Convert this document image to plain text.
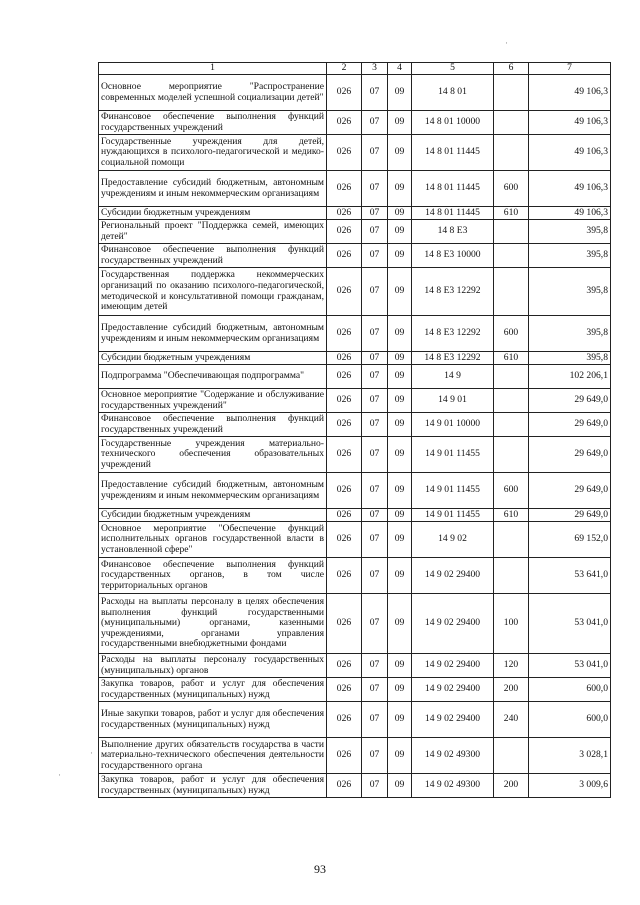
1	2	3	4	5	6	7
Основное мероприятие "Распространение современных моделей успешной социализации детей"	026	07	09	14 8 01		49 106,3
Финансовое обеспечение выполнения функций государственных учреждений	026	07	09	14 8 01 10000		49 106,3
Государственные учреждения для детей, нуждающихся в психолого-педагогической и медико-социальной помощи	026	07	09	14 8 01 11445		49 106,3
Предоставление субсидий бюджетным, автономным учреждениям и иным некоммерческим организациям	026	07	09	14 8 01 11445	600	49 106,3
Субсидии бюджетным учреждениям	026	07	09	14 8 01 11445	610	49 106,3
Региональный проект "Поддержка семей, имеющих детей"	026	07	09	14 8 E3		395,8
Финансовое обеспечение выполнения функций государственных учреждений	026	07	09	14 8 E3 10000		395,8
Государственная поддержка некоммерческих организаций по оказанию психолого-педагогической, методической и консультативной помощи гражданам, имеющим детей	026	07	09	14 8 E3 12292		395,8
Предоставление субсидий бюджетным, автономным учреждениям и иным некоммерческим организациям	026	07	09	14 8 E3 12292	600	395,8
Субсидии бюджетным учреждениям	026	07	09	14 8 E3 12292	610	395,8
Подпрограмма "Обеспечивающая подпрограмма"	026	07	09	14 9		102 206,1
Основное мероприятие "Содержание и обслуживание государственных учреждений"	026	07	09	14 9 01		29 649,0
Финансовое обеспечение выполнения функций государственных учреждений	026	07	09	14 9 01 10000		29 649,0
Государственные учреждения материально-технического обеспечения образовательных учреждений	026	07	09	14 9 01 11455		29 649,0
Предоставление субсидий бюджетным, автономным учреждениям и иным некоммерческим организациям	026	07	09	14 9 01 11455	600	29 649,0
Субсидии бюджетным учреждениям	026	07	09	14 9 01 11455	610	29 649,0
Основное мероприятие "Обеспечение функций исполнительных органов государственной власти в установленной сфере"	026	07	09	14 9 02		69 152,0
Финансовое обеспечение выполнения функций государственных органов, в том числе территориальных органов	026	07	09	14 9 02 29400		53 641,0
Расходы на выплаты персоналу в целях обеспечения выполнения функций государственными (муниципальными) органами, казенными учреждениями, органами управления государственными внебюджетными фондами	026	07	09	14 9 02 29400	100	53 041,0
Расходы на выплаты персоналу государственных (муниципальных) органов	026	07	09	14 9 02 29400	120	53 041,0
Закупка товаров, работ и услуг для обеспечения государственных (муниципальных) нужд	026	07	09	14 9 02 29400	200	600,0
Иные закупки товаров, работ и услуг для обеспечения государственных (муниципальных) нужд	026	07	09	14 9 02 29400	240	600,0
Выполнение других обязательств государства в части материально-технического обеспечения деятельности государственного органа	026	07	09	14 9 02 49300		3 028,1
Закупка товаров, работ и услуг для обеспечения государственных (муниципальных) нужд	026	07	09	14 9 02 49300	200	3 009,6
93
·
·
·
